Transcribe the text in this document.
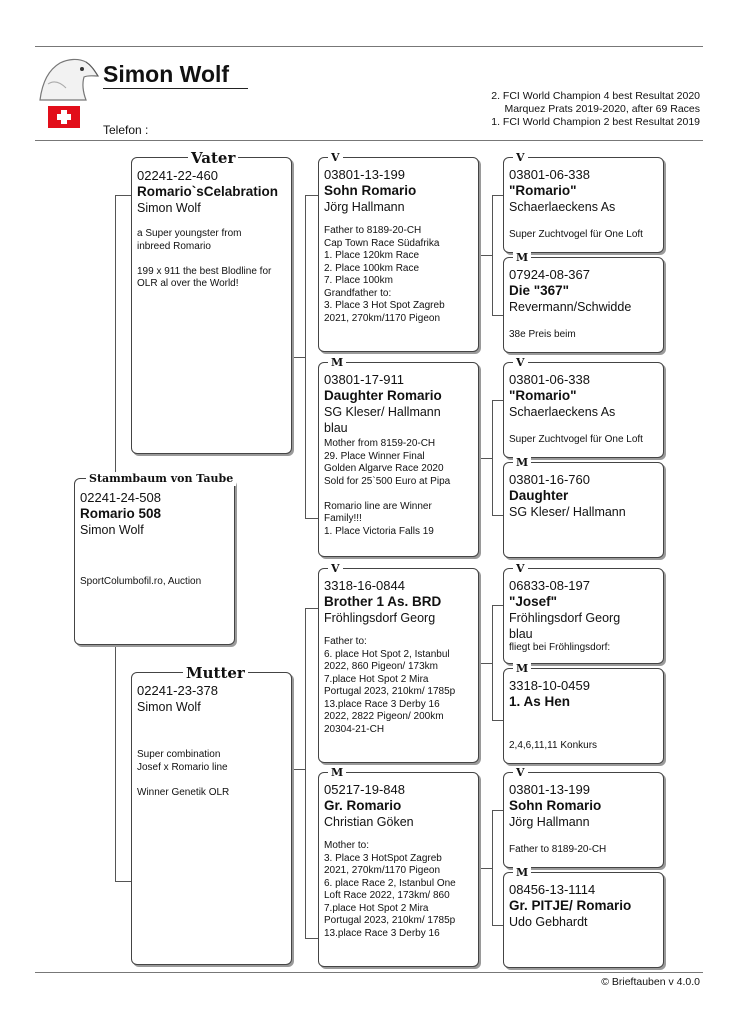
Simon Wolf
Telefon :
2. FCI World Champion 4 best Resultat 2020
Marquez Prats 2019-2020, after 69 Races
1. FCI World Champion 2 best Resultat 2019
02241-24-508
Romario 508
Simon Wolf
SportColumbofil.ro, Auction
Stammbaum von Taube
02241-22-460
Romario`sCelabration
Simon Wolf
a Super youngster from
inbreed Romario

199 x 911 the best Blodline for
OLR al over the World!
Vater
02241-23-378
Simon Wolf
Super combination
Josef x Romario line

Winner Genetik OLR
Mutter
03801-13-199
Sohn Romario
Jörg Hallmann
Father to 8189-20-CH
Cap Town Race Südafrika
1. Place 120km Race
2. Place 100km Race
7. Place 100km
Grandfather to:
3. Place 3 Hot Spot Zagreb
2021, 270km/1170 Pigeon
V
03801-17-911
Daughter Romario
SG Kleser/ Hallmann
blau
Mother from 8159-20-CH
29. Place Winner Final
Golden Algarve Race 2020
Sold for 25`500 Euro at Pipa

Romario line are Winner
Family!!!
1. Place Victoria Falls 19
M
3318-16-0844
Brother 1 As. BRD
Fröhlingsdorf Georg
Father to:
6. place Hot Spot 2, Istanbul
2022, 860 Pigeon/ 173km
7.place Hot Spot 2 Mira
Portugal 2023, 210km/ 1785p
13.place Race 3 Derby 16
2022, 2822 Pigeon/ 200km
20304-21-CH
V
05217-19-848
Gr. Romario
Christian Göken
Mother to:
3. Place 3 HotSpot Zagreb
2021, 270km/1170 Pigeon
6. place Race 2, Istanbul One
Loft Race 2022, 173km/ 860
7.place Hot Spot 2 Mira
Portugal 2023, 210km/ 1785p
13.place Race 3 Derby 16
M
03801-06-338
"Romario"
Schaerlaeckens As
Super Zuchtvogel für One Loft
V
07924-08-367
Die "367"
Revermann/Schwidde
38e Preis beim
M
03801-06-338
"Romario"
Schaerlaeckens As
Super Zuchtvogel für One Loft
V
03801-16-760
Daughter
SG Kleser/ Hallmann
M
06833-08-197
"Josef"
Fröhlingsdorf Georg
blau
fliegt bei Fröhlingsdorf:
V
3318-10-0459
1. As Hen
2,4,6,11,11 Konkurs
M
03801-13-199
Sohn Romario
Jörg Hallmann
Father to 8189-20-CH
V
08456-13-1114
Gr. PITJE/ Romario
Udo Gebhardt
M
© Brieftauben v 4.0.0
